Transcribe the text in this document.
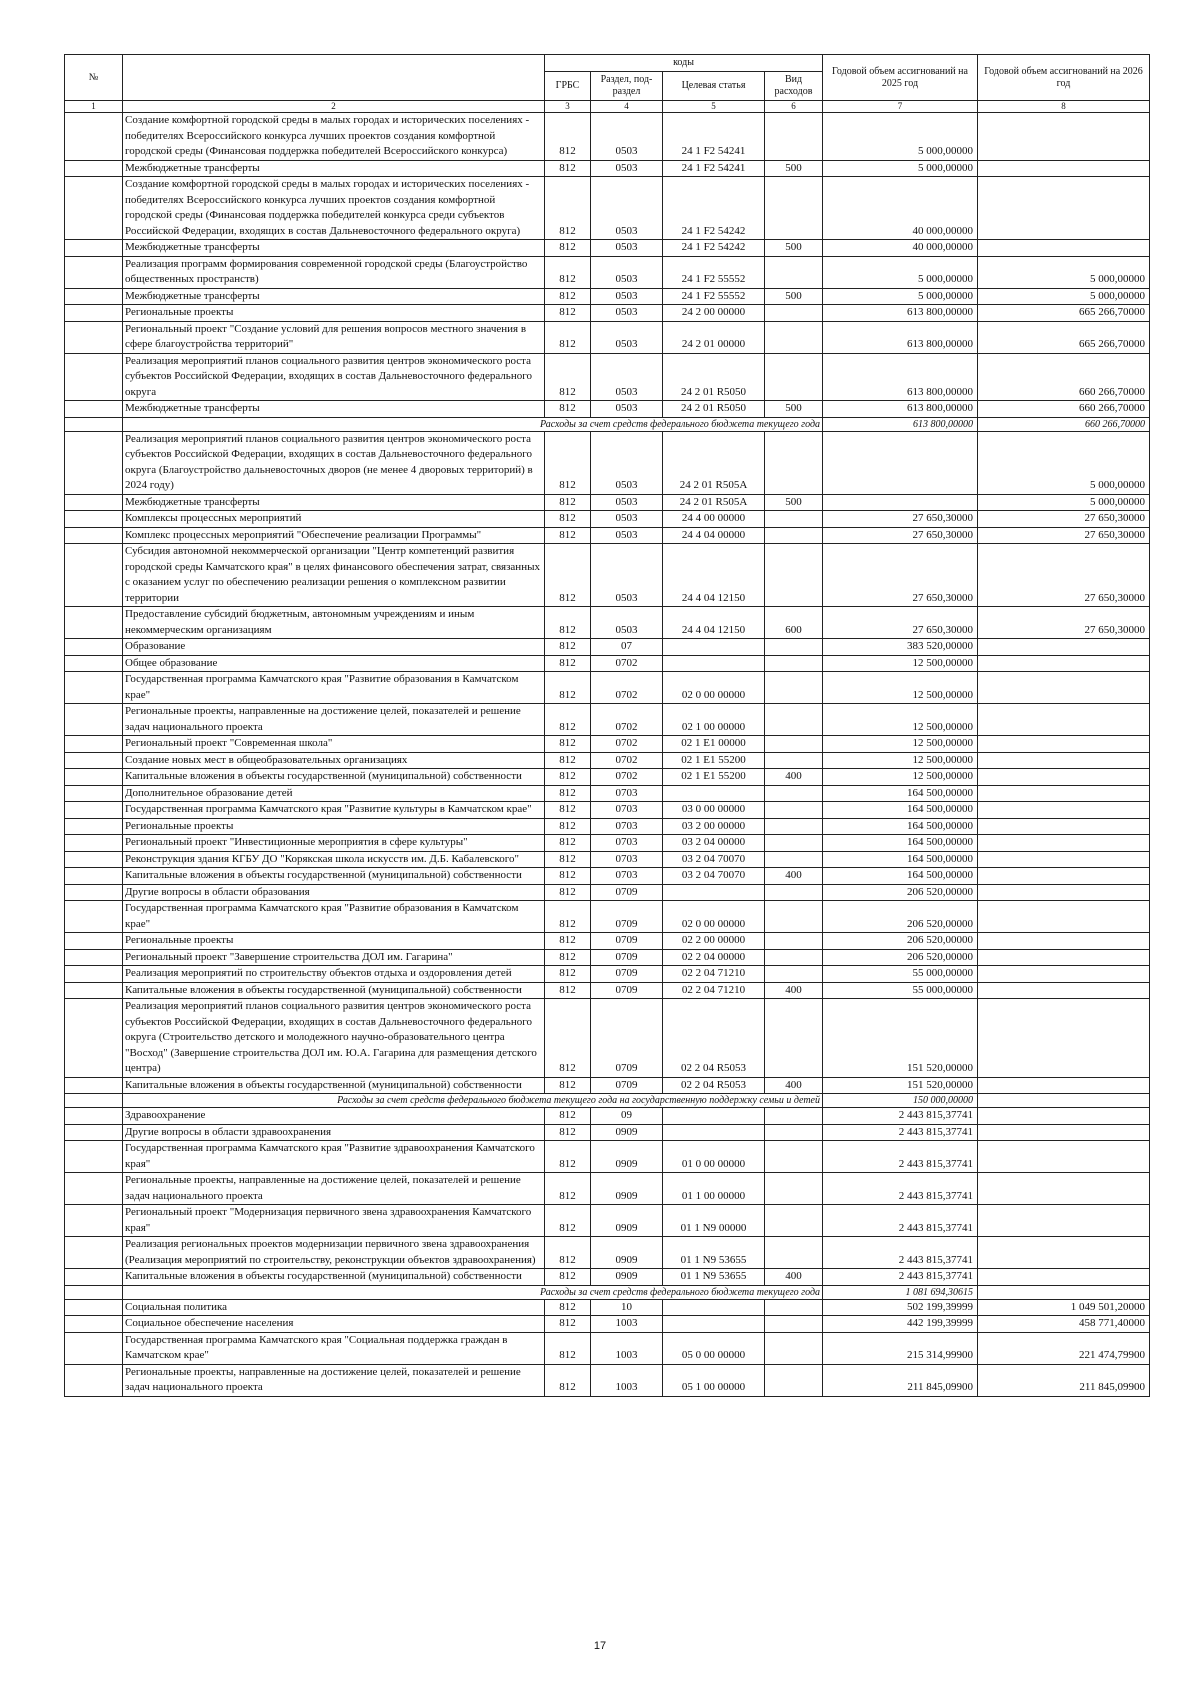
№		коды				Годовой объем ассигнований на 2025 год	Годовой объем ассигнований на 2026 год
		ГРБС	Раздел, под-раздел	Целевая статья	Вид расходов		
1	2	3	4	5	6	7	8
	Создание комфортной городской среды в малых городах и исторических поселениях - победителях Всероссийского конкурса лучших проектов создания комфортной городской среды (Финансовая поддержка победителей Всероссийского конкурса)	812	0503	24 1 F2 54241		5 000,00000	
	Межбюджетные трансферты	812	0503	24 1 F2 54241	500	5 000,00000	
	Создание комфортной городской среды в малых городах и исторических поселениях - победителях Всероссийского конкурса лучших проектов создания комфортной городской среды (Финансовая поддержка победителей конкурса среди субъектов Российской Федерации, входящих в состав Дальневосточного федерального округа)	812	0503	24 1 F2 54242		40 000,00000	
	Межбюджетные трансферты	812	0503	24 1 F2 54242	500	40 000,00000	
	Реализация программ формирования современной городской среды (Благоустройство общественных пространств)	812	0503	24 1 F2 55552		5 000,00000	5 000,00000
	Межбюджетные трансферты	812	0503	24 1 F2 55552	500	5 000,00000	5 000,00000
	Региональные проекты	812	0503	24 2 00 00000		613 800,00000	665 266,70000
	Региональный проект "Создание условий для решения вопросов местного значения в сфере благоустройства территорий"	812	0503	24 2 01 00000		613 800,00000	665 266,70000
	Реализация мероприятий планов социального развития центров экономического роста субъектов Российской Федерации, входящих в состав Дальневосточного федерального округа	812	0503	24 2 01 R5050		613 800,00000	660 266,70000
	Межбюджетные трансферты	812	0503	24 2 01 R5050	500	613 800,00000	660 266,70000
	Расходы за счет средств федерального бюджета текущего года					613 800,00000	660 266,70000
	Реализация мероприятий планов социального развития центров экономического роста субъектов Российской Федерации, входящих в состав Дальневосточного федерального округа (Благоустройство дальневосточных дворов (не менее 4 дворовых территорий) в 2024 году)	812	0503	24 2 01 R505A			5 000,00000
	Межбюджетные трансферты	812	0503	24 2 01 R505A	500		5 000,00000
	Комплексы процессных мероприятий	812	0503	24 4 00 00000		27 650,30000	27 650,30000
	Комплекс процессных мероприятий "Обеспечение реализации Программы"	812	0503	24 4 04 00000		27 650,30000	27 650,30000
	Субсидия автономной некоммерческой организации "Центр компетенций развития городской среды Камчатского края" в целях финансового обеспечения затрат, связанных с оказанием услуг по обеспечению реализации решения о комплексном развитии территории	812	0503	24 4 04 12150		27 650,30000	27 650,30000
	Предоставление субсидий бюджетным, автономным учреждениям и иным некоммерческим организациям	812	0503	24 4 04 12150	600	27 650,30000	27 650,30000
	Образование	812	07			383 520,00000	
	Общее образование	812	0702			12 500,00000	
	Государственная программа Камчатского края "Развитие образования в Камчатском крае"	812	0702	02 0 00 00000		12 500,00000	
	Региональные проекты, направленные на достижение целей, показателей и решение задач национального проекта	812	0702	02 1 00 00000		12 500,00000	
	Региональный проект "Современная школа"	812	0702	02 1 E1 00000		12 500,00000	
	Создание новых мест в общеобразовательных организациях	812	0702	02 1 E1 55200		12 500,00000	
	Капитальные вложения в объекты государственной (муниципальной) собственности	812	0702	02 1 E1 55200	400	12 500,00000	
	Дополнительное образование детей	812	0703			164 500,00000	
	Государственная программа Камчатского края "Развитие культуры в Камчатском крае"	812	0703	03 0 00 00000		164 500,00000	
	Региональные проекты	812	0703	03 2 00 00000		164 500,00000	
	Региональный проект "Инвестиционные мероприятия в сфере культуры"	812	0703	03 2 04 00000		164 500,00000	
	Реконструкция здания КГБУ ДО "Корякская школа искусств им. Д.Б. Кабалевского"	812	0703	03 2 04 70070		164 500,00000	
	Капитальные вложения в объекты государственной (муниципальной) собственности	812	0703	03 2 04 70070	400	164 500,00000	
	Другие вопросы в области образования	812	0709			206 520,00000	
	Государственная программа Камчатского края "Развитие образования в Камчатском крае"	812	0709	02 0 00 00000		206 520,00000	
	Региональные проекты	812	0709	02 2 00 00000		206 520,00000	
	Региональный проект "Завершение строительства ДОЛ им. Гагарина"	812	0709	02 2 04 00000		206 520,00000	
	Реализация мероприятий по строительству объектов отдыха и оздоровления детей	812	0709	02 2 04 71210		55 000,00000	
	Капитальные вложения в объекты государственной (муниципальной) собственности	812	0709	02 2 04 71210	400	55 000,00000	
	Реализация мероприятий планов социального развития центров экономического роста субъектов Российской Федерации, входящих в состав Дальневосточного федерального округа (Строительство детского и молодежного научно-образовательного центра "Восход" (Завершение строительства ДОЛ им. Ю.А. Гагарина для размещения детского центра)	812	0709	02 2 04 R5053		151 520,00000	
	Капитальные вложения в объекты государственной (муниципальной) собственности	812	0709	02 2 04 R5053	400	151 520,00000	
	Расходы за счет средств федерального бюджета текущего года на государственную поддержку семьи и детей					150 000,00000	
	Здравоохранение	812	09			2 443 815,37741	
	Другие вопросы в области здравоохранения	812	0909			2 443 815,37741	
	Государственная программа Камчатского края "Развитие здравоохранения Камчатского края"	812	0909	01 0 00 00000		2 443 815,37741	
	Региональные проекты, направленные на достижение целей, показателей и решение задач национального проекта	812	0909	01 1 00 00000		2 443 815,37741	
	Региональный проект "Модернизация первичного звена здравоохранения Камчатского края"	812	0909	01 1 N9 00000		2 443 815,37741	
	Реализация региональных проектов модернизации первичного звена здравоохранения (Реализация мероприятий по строительству, реконструкции объектов здравоохранения)	812	0909	01 1 N9 53655		2 443 815,37741	
	Капитальные вложения в объекты государственной (муниципальной) собственности	812	0909	01 1 N9 53655	400	2 443 815,37741	
	Расходы за счет средств федерального бюджета текущего года					1 081 694,30615	
	Социальная политика	812	10			502 199,39999	1 049 501,20000
	Социальное обеспечение населения	812	1003			442 199,39999	458 771,40000
	Государственная программа Камчатского края "Социальная поддержка граждан в Камчатском крае"	812	1003	05 0 00 00000		215 314,99900	221 474,79900
	Региональные проекты, направленные на достижение целей, показателей и решение задач национального проекта	812	1003	05 1 00 00000		211 845,09900	211 845,09900
17
